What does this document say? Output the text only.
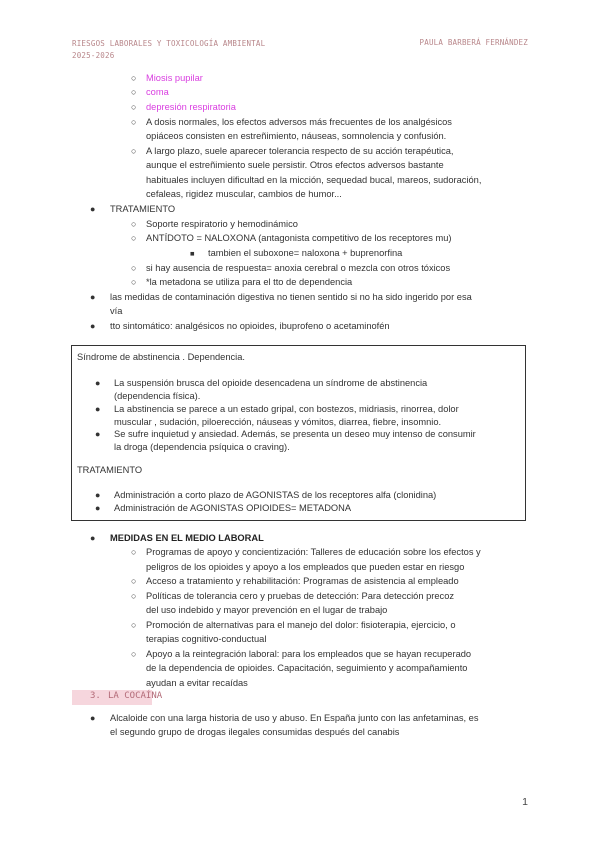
RIESGOS LABORALES Y TOXICOLOGÍA AMBIENTAL
2025-2026
PAULA BARBERÁ FERNÁNDEZ
○ Miosis pupilar
○ coma
○ depresión respiratoria
○ A dosis normales, los efectos adversos más frecuentes de los analgésicos
opiáceos consisten en estreñimiento, náuseas, somnolencia y confusión.
○ A largo plazo, suele aparecer tolerancia respecto de su acción terapéutica,
aunque el estreñimiento suele persistir. Otros efectos adversos bastante
habituales incluyen dificultad en la micción, sequedad bucal, mareos, sudoración,
cefaleas, rigidez muscular, cambios de humor...
● TRATAMIENTO
○ Soporte respiratorio y hemodinámico
○ ANTÍDOTO = NALOXONA (antagonista competitivo de los receptores mu)
■ tambien el suboxone= naloxona + buprenorfina
○ si hay ausencia de respuesta= anoxia cerebral o mezcla con otros tóxicos
○ *la metadona se utiliza para el tto de dependencia
● las medidas de contaminación digestiva no tienen sentido si no ha sido ingerido por esa
vía
● tto sintomático: analgésicos no opioides, ibuprofeno o acetaminofén
Síndrome de abstinencia . Dependencia.
● La suspensión brusca del opioide desencadena un síndrome de abstinencia
(dependencia física).
● La abstinencia se parece a un estado gripal, con bostezos, midriasis, rinorrea, dolor
muscular , sudación, piloerección, náuseas y vómitos, diarrea, fiebre, insomnio.
● Se sufre inquietud y ansiedad. Además, se presenta un deseo muy intenso de consumir
la droga (dependencia psíquica o craving).
TRATAMIENTO
● Administración a corto plazo de AGONISTAS de los receptores alfa (clonidina)
● Administración de AGONISTAS OPIOIDES= METADONA
● MEDIDAS EN EL MEDIO LABORAL
○ Programas de apoyo y concientización: Talleres de educación sobre los efectos y
peligros de los opioides y apoyo a los empleados que pueden estar en riesgo
○ Acceso a tratamiento y rehabilitación: Programas de asistencia al empleado
○ Políticas de tolerancia cero y pruebas de detección: Para detección precoz
del uso indebido y mayor prevención en el lugar de trabajo
○ Promoción de alternativas para el manejo del dolor: fisioterapia, ejercicio, o
terapias cognitivo-conductual
○ Apoyo a la reintegración laboral: para los empleados que se hayan recuperado
de la dependencia de opioides. Capacitación, seguimiento y acompañamiento
ayudan a evitar recaídas
3. LA COCAÍNA
● Alcaloide con una larga historia de uso y abuso. En España junto con las anfetaminas, es
el segundo grupo de drogas ilegales consumidas después del canabis
1
